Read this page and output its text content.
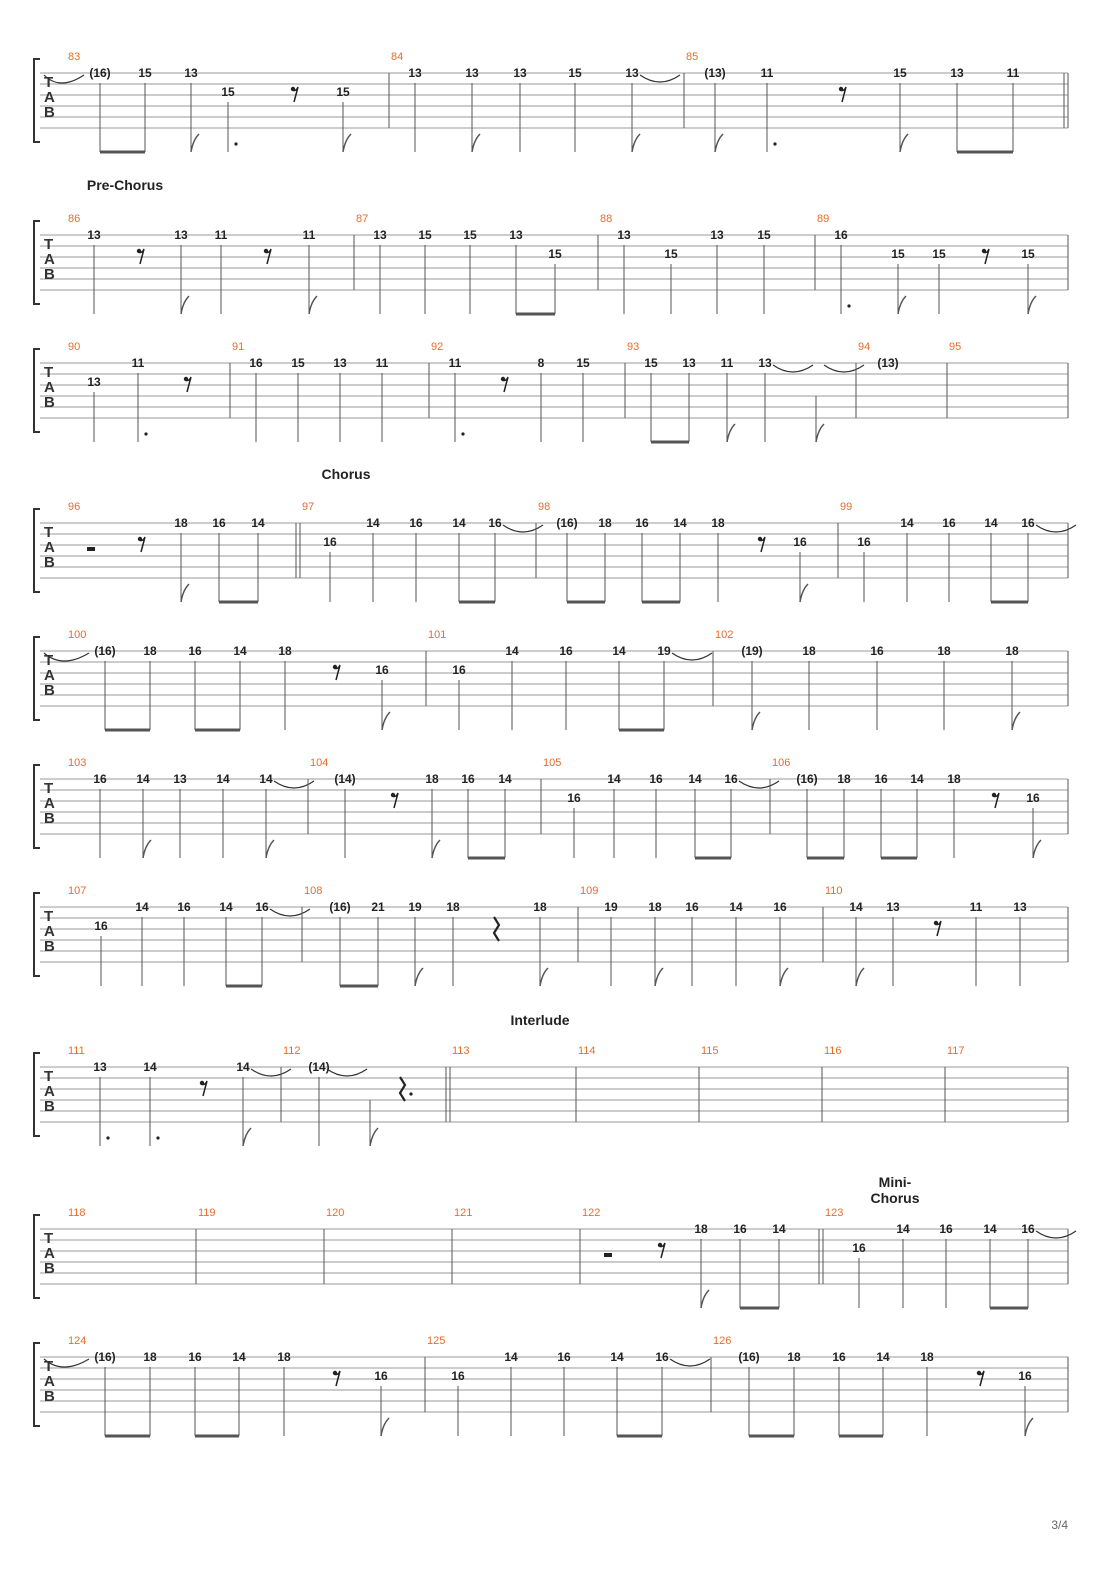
3/4
T
A
B
83
(16) 15	13
15	15
84
13	13	13	15	13
85
(13)	11	15	13	11
Pre-Chorus
T
A
B
86
13	13 11	11
87
13	15	15	13
15
88
13
15
13	15
89
16
15 15	15
T
A
B
90
13
11
91
16 15 13 11
92
11	8	15
93
15 13 11 13
94
(13)
95
Chorus
T
A
B
96
18 16 14
97
16
14 16 14 16
98
(16) 18 16 14 18
16
99
16
14 16 14 16
T
A
B
100
(16) 18	16	14	18
16
101
16
14	16	14	19
102
(19)	18	16	18	18
T
A
B
103
16 14 13 14 14
104
(14)	18 16 14
105
16
14 16 14 16
106
(16) 18 16 14 18
16
T
A
B
107
16
14 16 14 16
108
(16) 21 19 18	18
109
19	18 16	14	16
110
14 13	11	13
Interlude
T
A
B
111
13	14	14
112
(14)
113	114	115	116	117
Mini-Chorus
T
A
B
118	119	120	121	122
18 16 14
123
16
14 16	14 16
T
A
B
124
(16) 18	16	14	18
16
125
16
14	16	14	16
126
(16) 18	16	14	18
16
